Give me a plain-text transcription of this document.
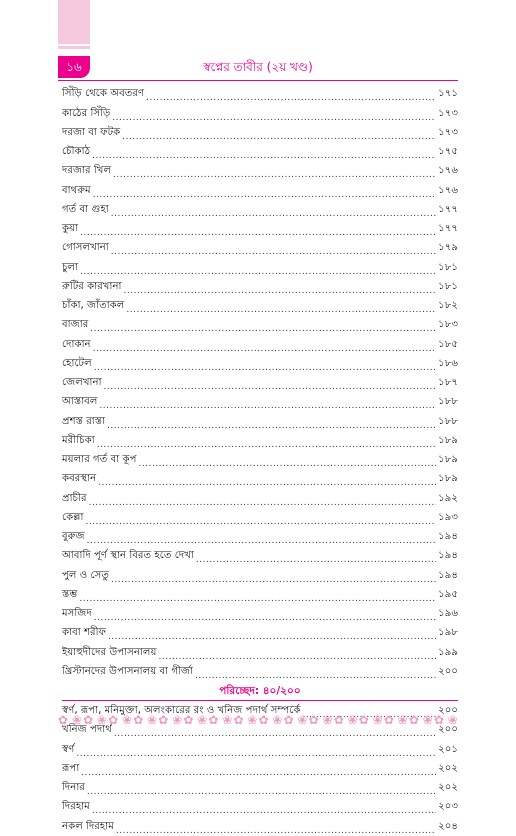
১৬	স্বপ্নের তাবীর (২য় খণ্ড)
সিঁড়ি থেকে অবতরণ .....	১৭১
কাঠের সিঁড়ি .....	১৭৩
দরজা বা ফটক .....	১৭৩
চৌকাঠ .....	১৭৫
দরজার খিল .....	১৭৬
বাথরুম .....	১৭৬
গর্ত বা গুহা .....	১৭৭
কুয়া .....	১৭৭
গোসলখানা .....	১৭৯
চুলা .....	১৮১
রুটির কারখানা .....	১৮১
চাঁকা, জাঁতাকল .....	১৮২
বাজার .....	১৮৩
দোকান .....	১৮৫
হোটেল .....	১৮৬
জেলখানা .....	১৮৭
আস্তাবল .....	১৮৮
প্রশস্ত রাস্তা .....	১৮৮
মরীচিকা .....	১৮৯
ময়লার গর্ত বা কূপ .....	১৮৯
কবরস্থান .....	১৮৯
প্রাচীর .....	১৯২
কেল্লা .....	১৯৩
বুরুজ .....	১৯৪
আবাদি পূর্ণ স্থান বিরত হতে দেখা .....	১৯৪
পুল ও সেতু .....	১৯৪
স্তম্ভ .....	১৯৫
মসজিদ .....	১৯৬
কাবা শরীফ .....	১৯৮
ইয়াহুদীদের উপাসনালয় .....	১৯৯
খ্রিস্টানদের উপাসনালয় বা গীর্জা .....	২০০
পরিচ্ছেদ: ৪০/২০০
স্বর্ণ, রূপা, মনিমুক্তা, অলংকারের রং ও খনিজ পদার্থ সম্পর্কে .....	২০০
খনিজ পদার্থ .....	২০০
স্বর্ণ .....	২০১
রূপা .....	২০২
দিনার .....	২০২
দিরহাম .....	২০৩
নকল দিরহাম .....	২০৪
✿ ❀ ✿ ❀ ✿ ❀ ✿ ❀ ✿ ❀ ✿ ❀ ✿ ❀ ✿ ❀ ✿ ❀ ✿ ❀ ✿ ❀ ✿ ❀ ✿ ❀ ✿ ❀ ✿ ❀ ✿ ❀
